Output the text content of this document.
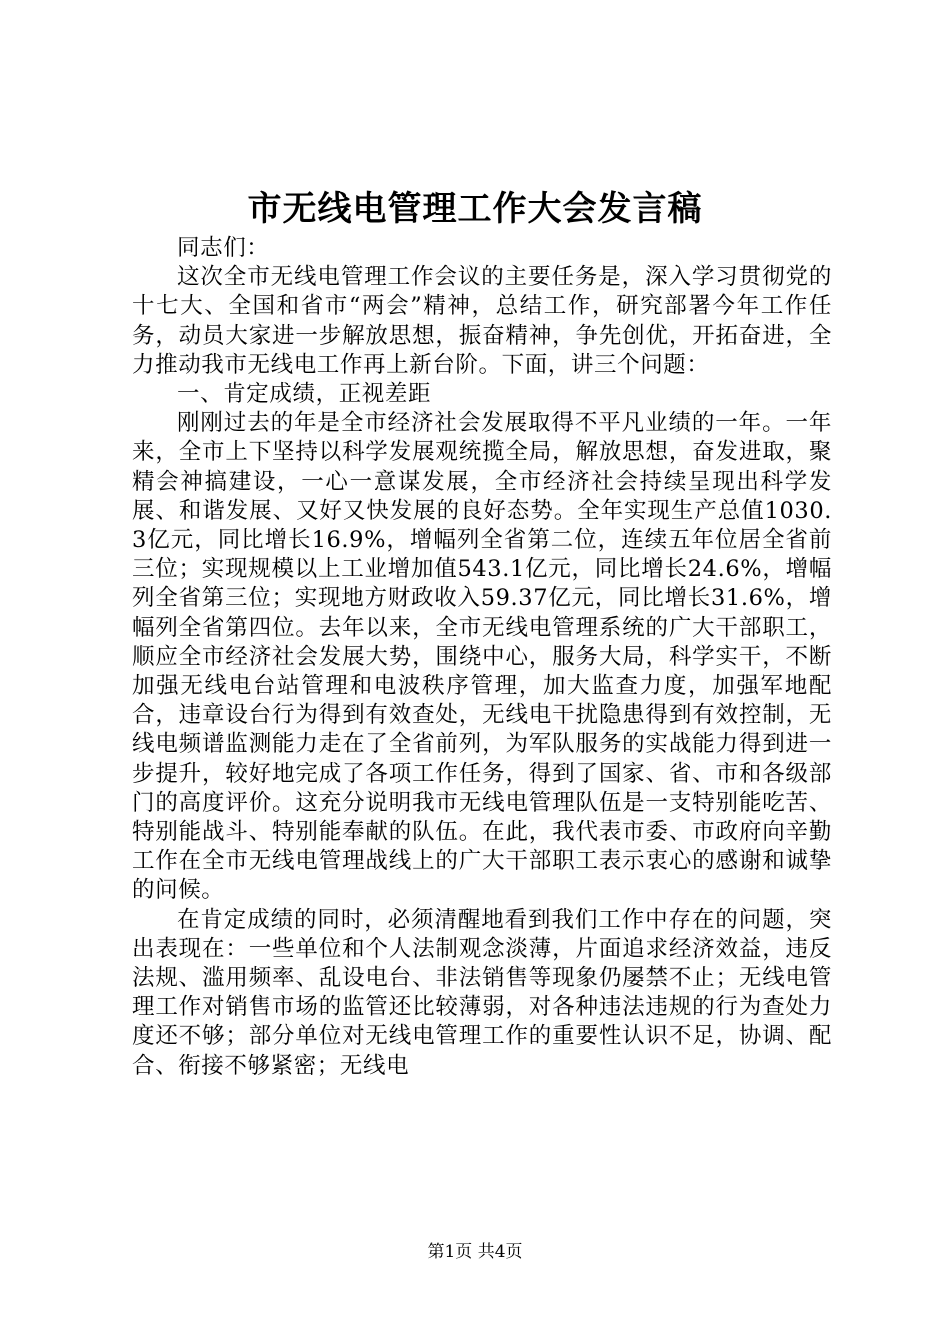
市无线电管理工作大会发言稿

同志们：

这次全市无线电管理工作会议的主要任务是，深入学习贯彻党的十七大、全国和省市“两会”精神，总结工作，研究部署今年工作任务，动员大家进一步解放思想，振奋精神，争先创优，开拓奋进，全力推动我市无线电工作再上新台阶。下面，讲三个问题：

一、肯定成绩，正视差距

刚刚过去的年是全市经济社会发展取得不平凡业绩的一年。一年来，全市上下坚持以科学发展观统揽全局，解放思想，奋发进取，聚精会神搞建设，一心一意谋发展，全市经济社会持续呈现出科学发展、和谐发展、又好又快发展的良好态势。全年实现生产总值1030.3亿元，同比增长16.9%，增幅列全省第二位，连续五年位居全省前三位；实现规模以上工业增加值543.1亿元，同比增长24.6%，增幅列全省第三位；实现地方财政收入59.37亿元，同比增长31.6%，增幅列全省第四位。去年以来，全市无线电管理系统的广大干部职工，顺应全市经济社会发展大势，围绕中心，服务大局，科学实干，不断加强无线电台站管理和电波秩序管理，加大监查力度，加强军地配合，违章设台行为得到有效查处，无线电干扰隐患得到有效控制，无线电频谱监测能力走在了全省前列，为军队服务的实战能力得到进一步提升，较好地完成了各项工作任务，得到了国家、省、市和各级部门的高度评价。这充分说明我市无线电管理队伍是一支特别能吃苦、特别能战斗、特别能奉献的队伍。在此，我代表市委、市政府向辛勤工作在全市无线电管理战线上的广大干部职工表示衷心的感谢和诚挚的问候。

在肯定成绩的同时，必须清醒地看到我们工作中存在的问题，突出表现在：一些单位和个人法制观念淡薄，片面追求经济效益，违反法规、滥用频率、乱设电台、非法销售等现象仍屡禁不止；无线电管理工作对销售市场的监管还比较薄弱，对各种违法违规的行为查处力度还不够；部分单位对无线电管理工作的重要性认识不足，协调、配合、衔接不够紧密；无线电

第1页 共4页
